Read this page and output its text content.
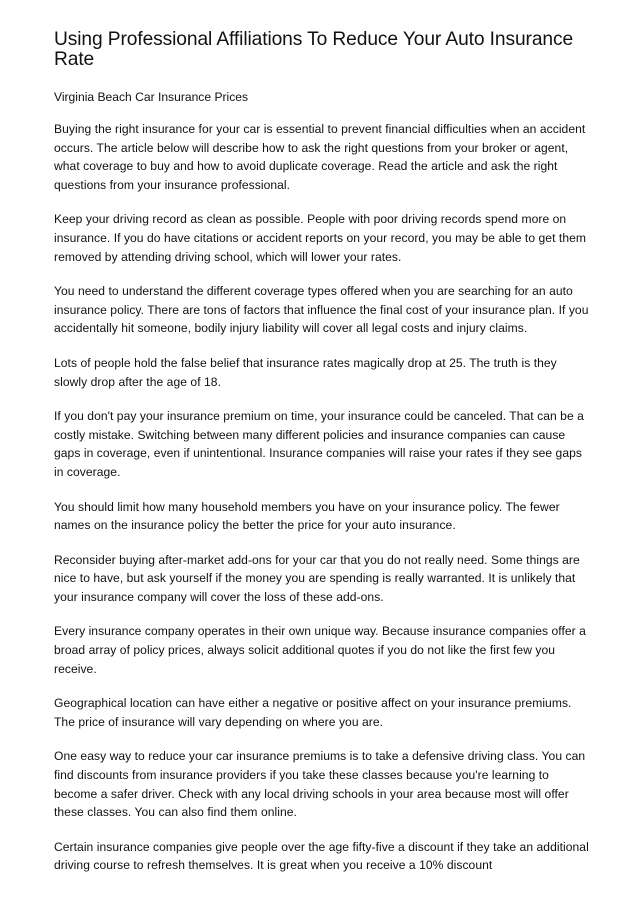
Using Professional Affiliations To Reduce Your Auto Insurance Rate

Virginia Beach Car Insurance Prices

Buying the right insurance for your car is essential to prevent financial difficulties when an accident occurs. The article below will describe how to ask the right questions from your broker or agent, what coverage to buy and how to avoid duplicate coverage. Read the article and ask the right questions from your insurance professional.

Keep your driving record as clean as possible. People with poor driving records spend more on insurance. If you do have citations or accident reports on your record, you may be able to get them removed by attending driving school, which will lower your rates.

You need to understand the different coverage types offered when you are searching for an auto insurance policy. There are tons of factors that influence the final cost of your insurance plan. If you accidentally hit someone, bodily injury liability will cover all legal costs and injury claims.

Lots of people hold the false belief that insurance rates magically drop at 25. The truth is they slowly drop after the age of 18.

If you don't pay your insurance premium on time, your insurance could be canceled. That can be a costly mistake. Switching between many different policies and insurance companies can cause gaps in coverage, even if unintentional. Insurance companies will raise your rates if they see gaps in coverage.

You should limit how many household members you have on your insurance policy. The fewer names on the insurance policy the better the price for your auto insurance.

Reconsider buying after-market add-ons for your car that you do not really need. Some things are nice to have, but ask yourself if the money you are spending is really warranted. It is unlikely that your insurance company will cover the loss of these add-ons.

Every insurance company operates in their own unique way. Because insurance companies offer a broad array of policy prices, always solicit additional quotes if you do not like the first few you receive.

Geographical location can have either a negative or positive affect on your insurance premiums. The price of insurance will vary depending on where you are.

One easy way to reduce your car insurance premiums is to take a defensive driving class. You can find discounts from insurance providers if you take these classes because you're learning to become a safer driver. Check with any local driving schools in your area because most will offer these classes. You can also find them online.

Certain insurance companies give people over the age fifty-five a discount if they take an additional driving course to refresh themselves. It is great when you receive a 10% discount
